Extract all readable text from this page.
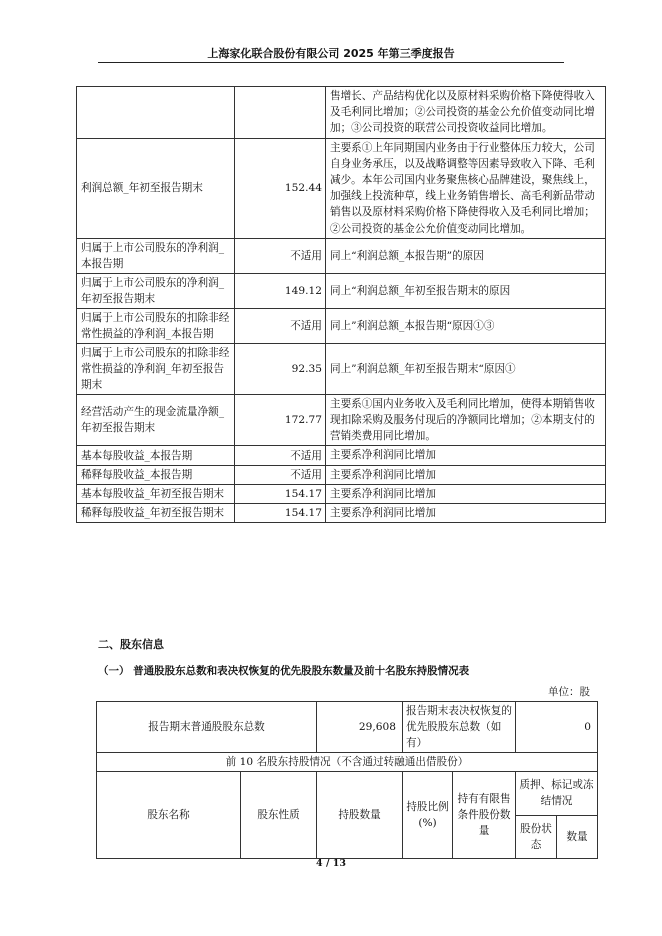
上海家化联合股份有限公司 2025 年第三季度报告
		售增长、产品结构优化以及原材料采购价格下降使得收入及毛利同比增加；②公司投资的基金公允价值变动同比增加；③公司投资的联营公司投资收益同比增加。
利润总额_年初至报告期末	152.44	主要系①上年同期国内业务由于行业整体压力较大，公司自身业务承压，以及战略调整等因素导致收入下降、毛利减少。本年公司国内业务聚焦核心品牌建设，聚焦线上，加强线上投流种草，线上业务销售增长、高毛利新品带动销售以及原材料采购价格下降使得收入及毛利同比增加；②公司投资的基金公允价值变动同比增加。
归属于上市公司股东的净利润_本报告期	不适用	同上“利润总额_本报告期”的原因
归属于上市公司股东的净利润_年初至报告期末	149.12	同上“利润总额_年初至报告期末的原因
归属于上市公司股东的扣除非经常性损益的净利润_本报告期	不适用	同上”利润总额_本报告期“原因①③
归属于上市公司股东的扣除非经常性损益的净利润_年初至报告期末	92.35	同上”利润总额_年初至报告期末“原因①
经营活动产生的现金流量净额_年初至报告期末	172.77	主要系①国内业务收入及毛利同比增加，使得本期销售收现扣除采购及服务付现后的净额同比增加；②本期支付的营销类费用同比增加。
基本每股收益_本报告期	不适用	主要系净利润同比增加
稀释每股收益_本报告期	不适用	主要系净利润同比增加
基本每股收益_年初至报告期末	154.17	主要系净利润同比增加
稀释每股收益_年初至报告期末	154.17	主要系净利润同比增加
二、股东信息
（一） 普通股股东总数和表决权恢复的优先股股东数量及前十名股东持股情况表
单位：股
报告期末普通股股东总数		29,608	报告期末表决权恢复的优先股股东总数（如有）		0	
前 10 名股东持股情况（不含通过转融通出借股份）						
股东名称	股东性质	持股数量	持股比例(%)	持有有限售条件股份数量	质押、标记或冻结情况	
					股份状态	数量
4 / 13
